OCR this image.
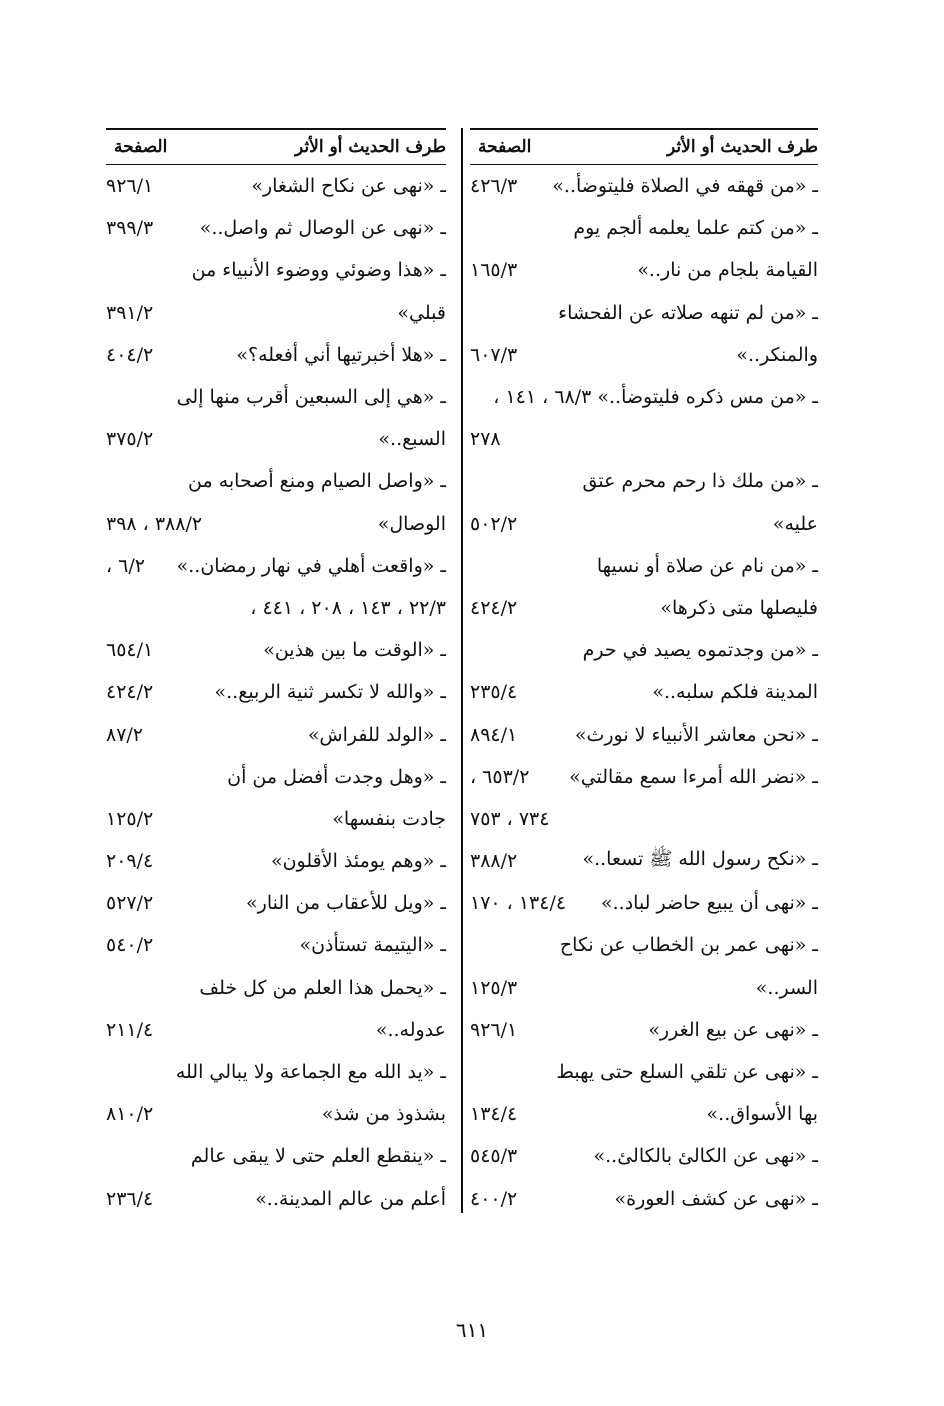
طرف الحديث أو الأثر
الصفحة
ـ «من قهقه في الصلاة فليتوضأ..»
٤٢٦/٣
ـ «من كتم علما يعلمه ألجم يوم
القيامة بلجام من نار..»
١٦٥/٣
ـ «من لم تنهه صلاته عن الفحشاء
والمنكر..»
٦٠٧/٣
ـ «من مس ذكره فليتوضأ..» ٦٨/٣ ، ١٤١ ،
٢٧٨
ـ «من ملك ذا رحم محرم عتق
عليه»
٥٠٢/٢
ـ «من نام عن صلاة أو نسيها
فليصلها متى ذكرها»
٤٢٤/٢
ـ «من وجدتموه يصيد في حرم
المدينة فلكم سلبه..»
٢٣٥/٤
ـ «نحن معاشر الأنبياء لا نورث»
٨٩٤/١
ـ «نضر الله أمرءا سمع مقالتي»
٦٥٣/٢ ،
٧٣٤ ، ٧٥٣
ـ «نكح رسول الله ﷺ تسعا..»
٣٨٨/٢
ـ «نهى أن يبيع حاضر لباد..»
١٣٤/٤ ، ١٧٠
ـ «نهى عمر بن الخطاب عن نكاح
السر..»
١٢٥/٣
ـ «نهى عن بيع الغرر»
٩٢٦/١
ـ «نهى عن تلقي السلع حتى يهبط
بها الأسواق..»
١٣٤/٤
ـ «نهى عن الكالئ بالكالئ..»
٥٤٥/٣
ـ «نهى عن كشف العورة»
٤٠٠/٢
طرف الحديث أو الأثر
الصفحة
ـ «نهى عن نكاح الشغار»
٩٢٦/١
ـ «نهى عن الوصال ثم واصل..»
٣٩٩/٣
ـ «هذا وضوئي ووضوء الأنبياء من
قبلي»
٣٩١/٢
ـ «هلا أخبرتيها أني أفعله؟»
٤٠٤/٢
ـ «هي إلى السبعين أقرب منها إلى
السبع..»
٣٧٥/٢
ـ «واصل الصيام ومنع أصحابه من
الوصال»
٣٨٨/٢ ، ٣٩٨
ـ «واقعت أهلي في نهار رمضان..»
٦/٢ ،
٢٢/٣ ، ١٤٣ ، ٢٠٨ ، ٤٤١ ،
ـ «الوقت ما بين هذين»
٦٥٤/١
ـ «والله لا تكسر ثنية الربيع..»
٤٢٤/٢
ـ «الولد للفراش»
٨٧/٢
ـ «وهل وجدت أفضل من أن
جادت بنفسها»
١٢٥/٢
ـ «وهم يومئذ الأقلون»
٢٠٩/٤
ـ «ويل للأعقاب من النار»
٥٢٧/٢
ـ «اليتيمة تستأذن»
٥٤٠/٢
ـ «يحمل هذا العلم من كل خلف
عدوله..»
٢١١/٤
ـ «يد الله مع الجماعة ولا يبالي الله
بشذوذ من شذ»
٨١٠/٢
ـ «ينقطع العلم حتى لا يبقى عالم
أعلم من عالم المدينة..»
٢٣٦/٤
٦١١
